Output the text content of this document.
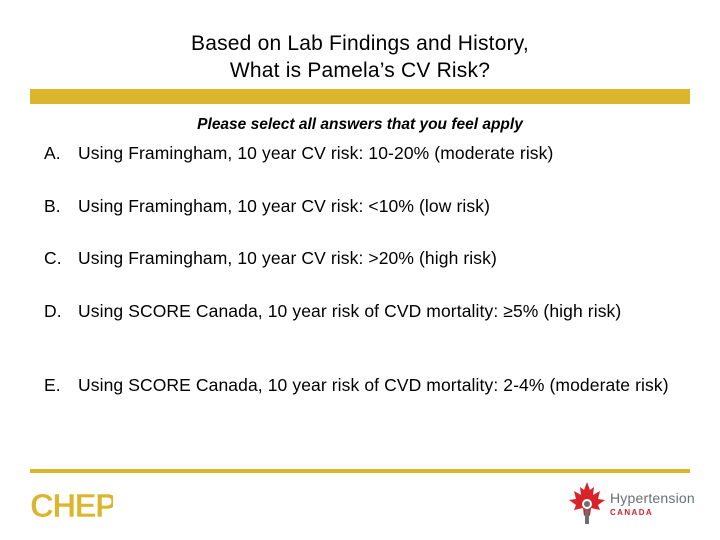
Based on Lab Findings and History,
What is Pamela’s CV Risk?
Please select all answers that you feel apply
A. Using Framingham, 10 year CV risk: 10-20% (moderate risk)
B. Using Framingham, 10 year CV risk: <10% (low risk)
C. Using Framingham, 10 year CV risk: >20% (high risk)
D. Using SCORE Canada, 10 year risk of CVD mortality: ≥5% (high risk)
E. Using SCORE Canada, 10 year risk of CVD mortality: 2-4% (moderate risk)
CHEP	Hypertension
CANADA
